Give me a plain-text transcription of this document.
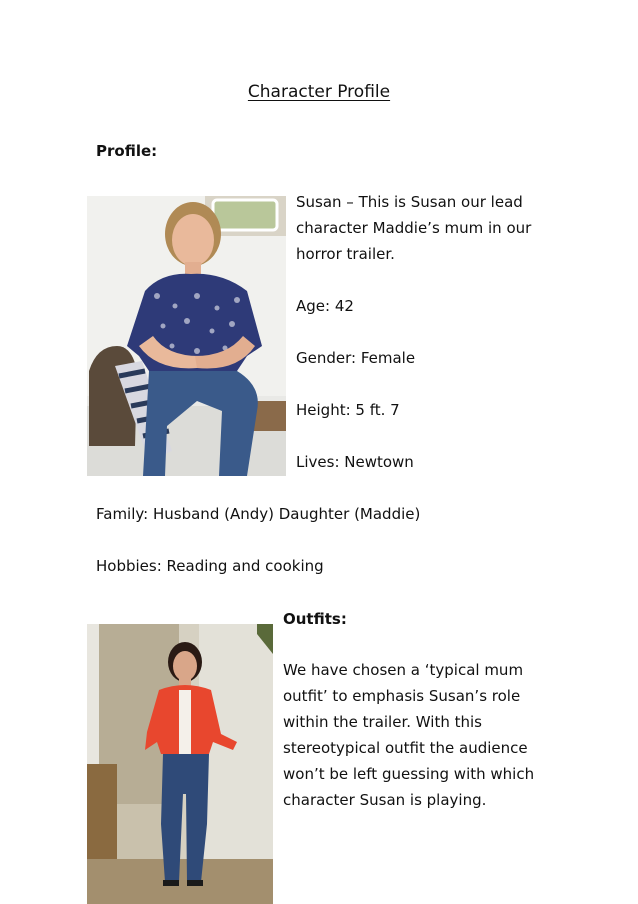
Character Profile
Profile:
Susan – This is Susan our lead
character Maddie’s mum in our
horror trailer.
Age: 42
Gender: Female
Height: 5 ft. 7
Lives: Newtown
Family: Husband (Andy) Daughter (Maddie)
Hobbies: Reading and cooking
Outfits:
We have chosen a ‘typical mum
outfit’ to emphasis Susan’s role
within the trailer. With this
stereotypical outfit the audience
won’t be left guessing with which
character Susan is playing.
